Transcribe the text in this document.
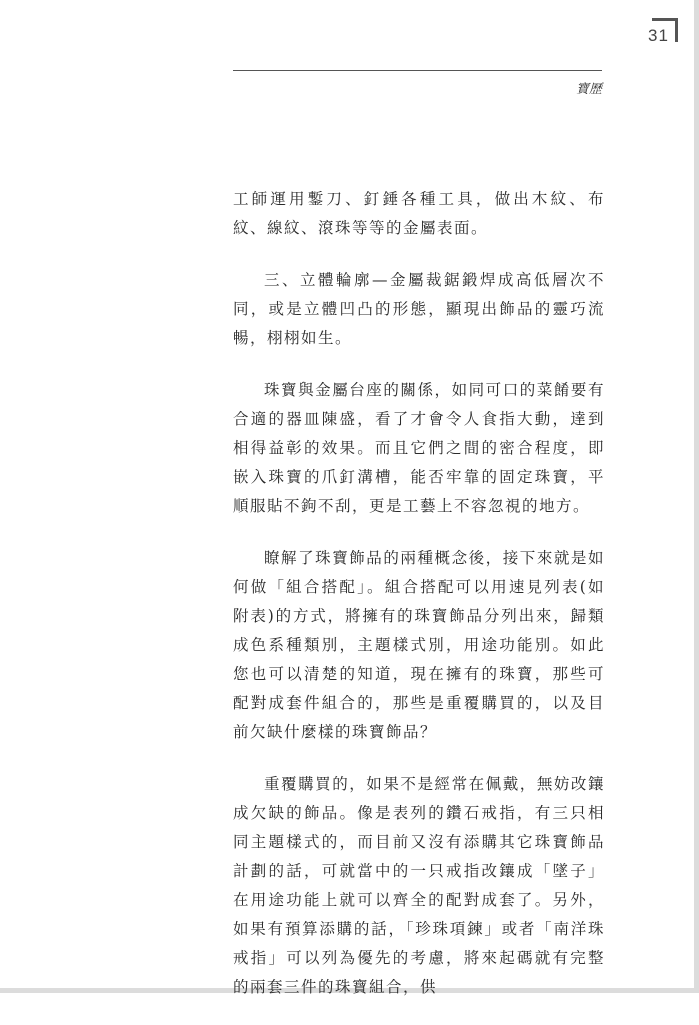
31
寶歷

工師運用鏨刀、釘錘各種工具，做出木紋、布紋、線紋、滾珠等等的金屬表面。

三、立體輪廓—金屬裁鋸鍛焊成高低層次不同，或是立體凹凸的形態，顯現出飾品的靈巧流暢，栩栩如生。

珠寶與金屬台座的關係，如同可口的菜餚要有合適的器皿陳盛，看了才會令人食指大動，達到相得益彰的效果。而且它們之間的密合程度，即嵌入珠寶的爪釘溝槽，能否牢靠的固定珠寶，平順服貼不鉤不刮，更是工藝上不容忽視的地方。

瞭解了珠寶飾品的兩種概念後，接下來就是如何做「組合搭配」。組合搭配可以用速見列表(如附表)的方式，將擁有的珠寶飾品分列出來，歸類成色系種類別，主題樣式別，用途功能別。如此您也可以清楚的知道，現在擁有的珠寶，那些可配對成套件組合的，那些是重覆購買的，以及目前欠缺什麼樣的珠寶飾品？

重覆購買的，如果不是經常在佩戴，無妨改鑲成欠缺的飾品。像是表列的鑽石戒指，有三只相同主題樣式的，而目前又沒有添購其它珠寶飾品計劃的話，可就當中的一只戒指改鑲成「墜子」在用途功能上就可以齊全的配對成套了。另外，如果有預算添購的話，「珍珠項鍊」或者「南洋珠戒指」可以列為優先的考慮，將來起碼就有完整的兩套三件的珠寶組合，供
